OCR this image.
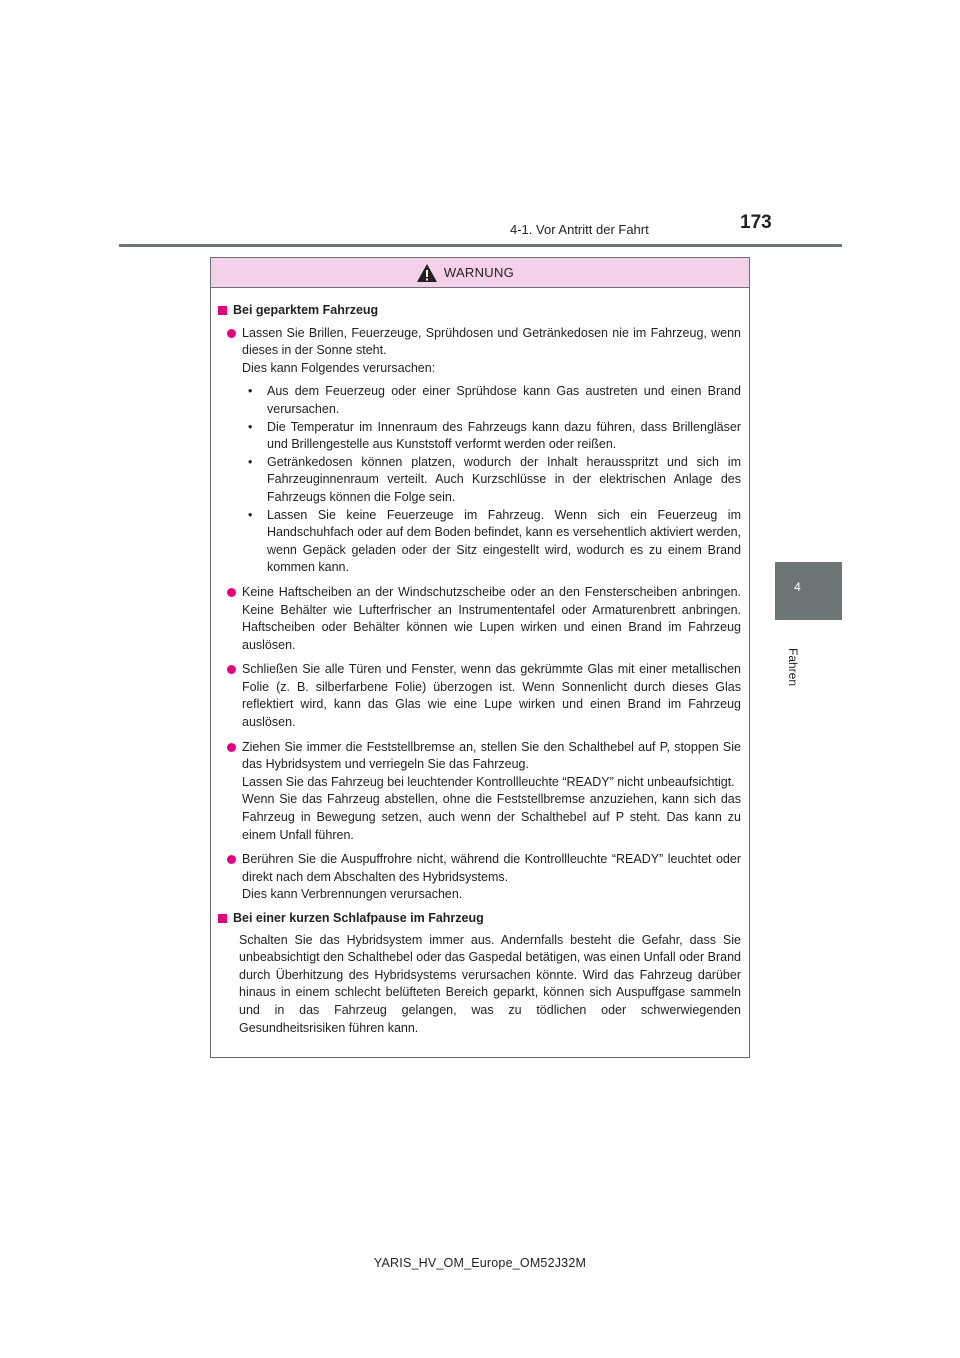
4-1. Vor Antritt der Fahrt	173
4
Fahren
WARNUNG
Bei geparktem Fahrzeug

Lassen Sie Brillen, Feuerzeuge, Sprühdosen und Getränkedosen nie im Fahrzeug, wenn dieses in der Sonne steht.

Dies kann Folgendes verursachen:

•	Aus dem Feuerzeug oder einer Sprühdose kann Gas austreten und einen Brand verursachen.
•	Die Temperatur im Innenraum des Fahrzeugs kann dazu führen, dass Brillengläser und Brillengestelle aus Kunststoff verformt werden oder reißen.
•	Getränkedosen können platzen, wodurch der Inhalt herausspritzt und sich im Fahrzeuginnenraum verteilt. Auch Kurzschlüsse in der elektrischen Anlage des Fahrzeugs können die Folge sein.
•	Lassen Sie keine Feuerzeuge im Fahrzeug. Wenn sich ein Feuerzeug im Handschuhfach oder auf dem Boden befindet, kann es versehentlich aktiviert werden, wenn Gepäck geladen oder der Sitz eingestellt wird, wodurch es zu einem Brand kommen kann.

Keine Haftscheiben an der Windschutzscheibe oder an den Fensterscheiben anbringen. Keine Behälter wie Lufterfrischer an Instrumententafel oder Armaturenbrett anbringen. Haftscheiben oder Behälter können wie Lupen wirken und einen Brand im Fahrzeug auslösen.

Schließen Sie alle Türen und Fenster, wenn das gekrümmte Glas mit einer metallischen Folie (z. B. silberfarbene Folie) überzogen ist. Wenn Sonnenlicht durch dieses Glas reflektiert wird, kann das Glas wie eine Lupe wirken und einen Brand im Fahrzeug auslösen.

Ziehen Sie immer die Feststellbremse an, stellen Sie den Schalthebel auf P, stoppen Sie das Hybridsystem und verriegeln Sie das Fahrzeug.

Lassen Sie das Fahrzeug bei leuchtender Kontrollleuchte “READY” nicht unbeaufsichtigt.

Wenn Sie das Fahrzeug abstellen, ohne die Feststellbremse anzuziehen, kann sich das Fahrzeug in Bewegung setzen, auch wenn der Schalthebel auf P steht. Das kann zu einem Unfall führen.

Berühren Sie die Auspuffrohre nicht, während die Kontrollleuchte “READY” leuchtet oder direkt nach dem Abschalten des Hybridsystems.

Dies kann Verbrennungen verursachen.

Bei einer kurzen Schlafpause im Fahrzeug
Schalten Sie das Hybridsystem immer aus. Andernfalls besteht die Gefahr, dass Sie unbeabsichtigt den Schalthebel oder das Gaspedal betätigen, was einen Unfall oder Brand durch Überhitzung des Hybridsystems verursachen könnte. Wird das Fahrzeug darüber hinaus in einem schlecht belüfteten Bereich geparkt, können sich Auspuffgase sammeln und in das Fahrzeug gelangen, was zu tödlichen oder schwerwiegenden Gesundheitsrisiken führen kann.
YARIS_HV_OM_Europe_OM52J32M
